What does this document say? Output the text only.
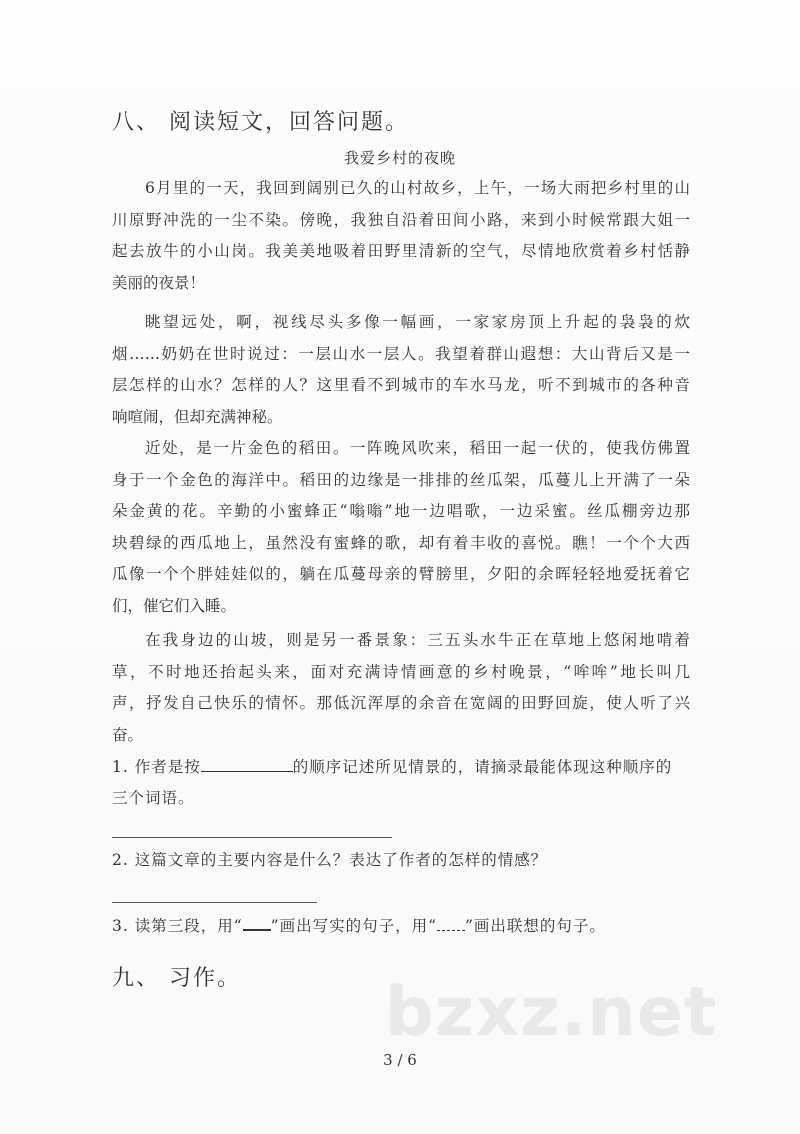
八、 阅读短文，回答问题。
我爱乡村的夜晚
6月里的一天，我回到阔别已久的山村故乡，上午，一场大雨把乡村里的山
川原野冲洗的一尘不染。傍晚，我独自沿着田间小路，来到小时候常跟大姐一
起去放牛的小山岗。我美美地吸着田野里清新的空气，尽情地欣赏着乡村恬静
美丽的夜景！
眺望远处，啊，视线尽头多像一幅画，一家家房顶上升起的袅袅的炊
烟……奶奶在世时说过：一层山水一层人。我望着群山遐想：大山背后又是一
层怎样的山水？怎样的人？这里看不到城市的车水马龙，听不到城市的各种音
响喧闹，但却充满神秘。
近处，是一片金色的稻田。一阵晚风吹来，稻田一起一伏的，使我仿佛置
身于一个金色的海洋中。稻田的边缘是一排排的丝瓜架，瓜蔓儿上开满了一朵
朵金黄的花。辛勤的小蜜蜂正“嗡嗡”地一边唱歌，一边采蜜。丝瓜棚旁边那
块碧绿的西瓜地上，虽然没有蜜蜂的歌，却有着丰收的喜悦。瞧！一个个大西
瓜像一个个胖娃娃似的，躺在瓜蔓母亲的臂膀里，夕阳的余晖轻轻地爱抚着它
们，催它们入睡。
在我身边的山坡，则是另一番景象：三五头水牛正在草地上悠闲地啃着
草，不时地还抬起头来，面对充满诗情画意的乡村晚景，“哞哞”地长叫几
声，抒发自己快乐的情怀。那低沉浑厚的余音在宽阔的田野回旋，使人听了兴
奋。
1. 作者是按	的顺序记述所见情景的，请摘录最能体现这种顺序的
三个词语。
2. 这篇文章的主要内容是什么？表达了作者的怎样的情感？
3. 读第三段，用“ ”画出写实的句子，用“ ”画出联想的句子。
九、 习作。 bzxz.net
3 / 6
